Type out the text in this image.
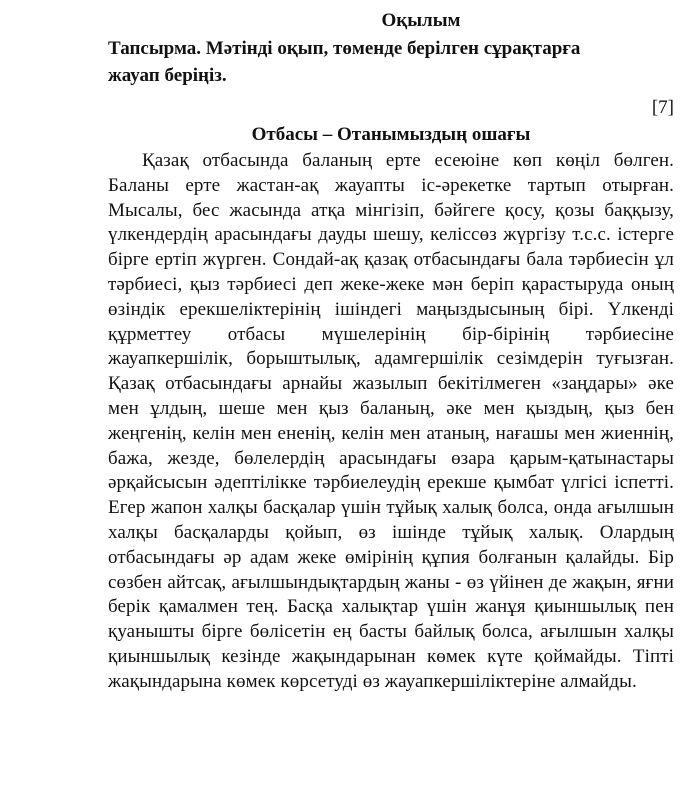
Оқылым

Тапсырма. Мәтінді оқып, төменде берілген сұрақтарға жауап беріңіз.

[7]

Отбасы – Отанымыздың ошағы

Қазақ отбасында баланың ерте есеюіне көп көңіл бөлген. Баланы ерте жастан-ақ жауапты іс-әрекетке тартып отырған. Мысалы, бес жасында атқа мінгізіп, бәйгеге қосу, қозы баққызу, үлкендердің арасындағы дауды шешу, келіссөз жүргізу т.с.с. істерге бірге ертіп жүрген. Сондай-ақ қазақ отбасындағы бала тәрбиесін ұл тәрбиесі, қыз тәрбиесі деп жеке-жеке мән беріп қарастыруда оның өзіндік ерекшеліктерінің ішіндегі маңыздысының бірі. Үлкенді құрметтеу отбасы мүшелерінің бір-бірінің тәрбиесіне жауапкершілік, борыштылық, адамгершілік сезімдерін туғызған. Қазақ отбасындағы арнайы жазылып бекітілмеген «заңдары» әке мен ұлдың, шеше мен қыз баланың, әке мен қыздың, қыз бен жеңгенің, келін мен ененің, келін мен атаның, нағашы мен жиеннің, бажа, жезде, бөлелердің арасындағы өзара қарым-қатынастары әрқайсысын әдептілікке тәрбиелеудің ерекше қымбат үлгісі іспетті. Егер жапон халқы басқалар үшін тұйық халық болса, онда ағылшын халқы басқаларды қойып, өз ішінде тұйық халық. Олардың отбасындағы әр адам жеке өмірінің құпия болғанын қалайды. Бір сөзбен айтсақ, ағылшындықтардың жаны - өз үйінен де жақын, яғни берік қамалмен тең. Басқа халықтар үшін жанұя қиыншылық пен қуанышты бірге бөлісетін ең басты байлық болса, ағылшын халқы қиыншылық кезінде жақындарынан көмек күте қоймайды. Тіпті жақындарына көмек көрсетуді өз жауапкершіліктеріне алмайды.
